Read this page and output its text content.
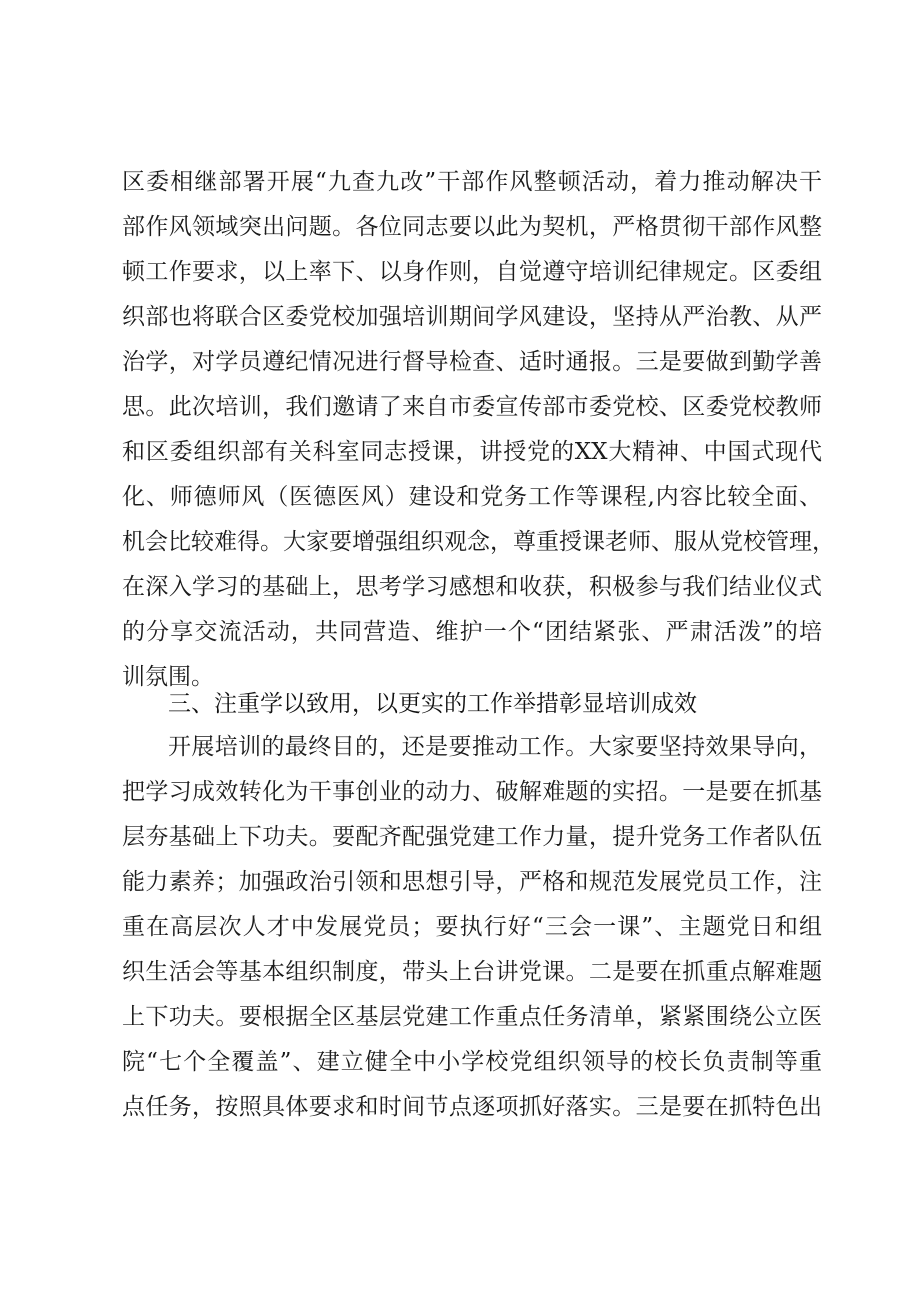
区委相继部署开展“九查九改”干部作风整顿活动，着力推动解决干
部作风领域突出问题。各位同志要以此为契机，严格贯彻干部作风整
顿工作要求，以上率下、以身作则，自觉遵守培训纪律规定。区委组
织部也将联合区委党校加强培训期间学风建设，坚持从严治教、从严
治学，对学员遵纪情况进行督导检查、适时通报。三是要做到勤学善
思。此次培训，我们邀请了来自市委宣传部市委党校、区委党校教师
和区委组织部有关科室同志授课，讲授党的XX大精神、中国式现代
化、师德师风（医德医风）建设和党务工作等课程,内容比较全面、
机会比较难得。大家要增强组织观念，尊重授课老师、服从党校管理，
在深入学习的基础上，思考学习感想和收获，积极参与我们结业仪式
的分享交流活动，共同营造、维护一个“团结紧张、严肃活泼”的培
训氛围。
三、注重学以致用，以更实的工作举措彰显培训成效
开展培训的最终目的，还是要推动工作。大家要坚持效果导向，
把学习成效转化为干事创业的动力、破解难题的实招。一是要在抓基
层夯基础上下功夫。要配齐配强党建工作力量，提升党务工作者队伍
能力素养；加强政治引领和思想引导，严格和规范发展党员工作，注
重在高层次人才中发展党员；要执行好“三会一课”、主题党日和组
织生活会等基本组织制度，带头上台讲党课。二是要在抓重点解难题
上下功夫。要根据全区基层党建工作重点任务清单，紧紧围绕公立医
院“七个全覆盖”、建立健全中小学校党组织领导的校长负责制等重
点任务，按照具体要求和时间节点逐项抓好落实。三是要在抓特色出
